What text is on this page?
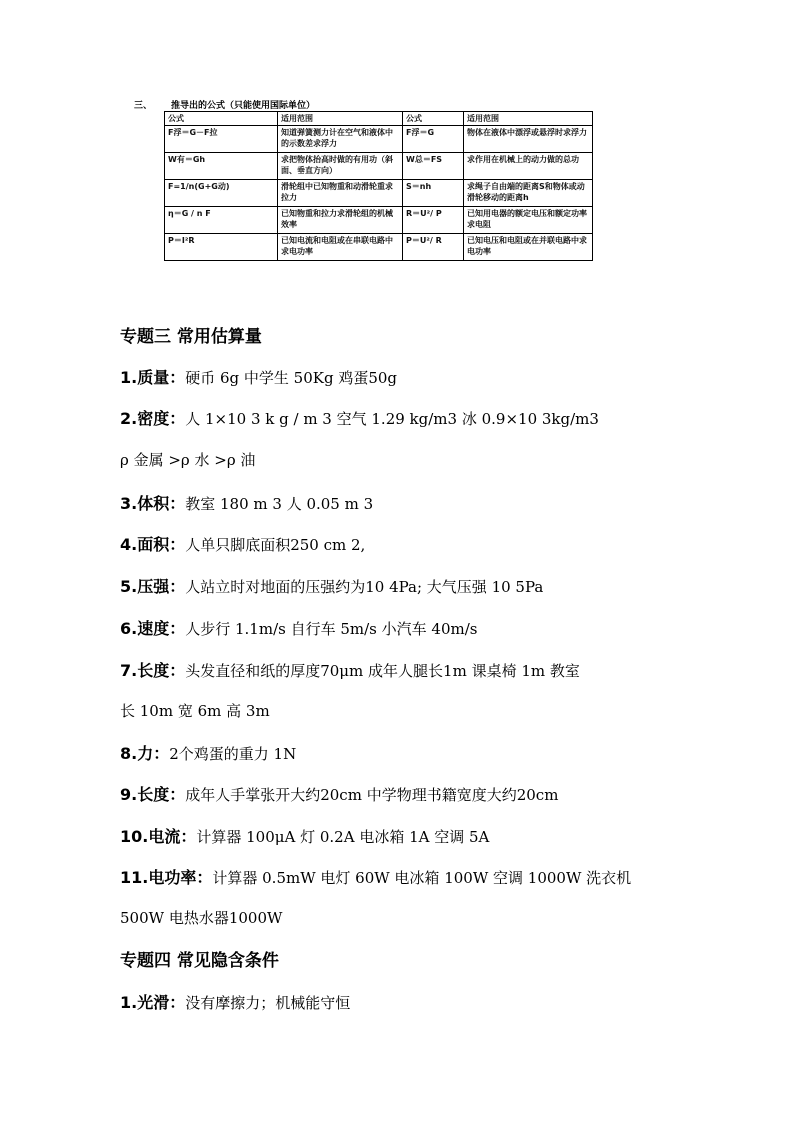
三、 推导出的公式（只能使用国际单位）
公式	适用范围	公式	适用范围
F浮＝G－F拉	知道弹簧测力计在空气和液体中的示数差求浮力	F浮＝G	物体在液体中漂浮或悬浮时求浮力
W有＝Gh	求把物体抬高时做的有用功（斜面、垂直方向）	W总＝FS	求作用在机械上的动力做的总功
F=1/n(G+G动)	滑轮组中已知物重和动滑轮重求拉力	S＝nh	求绳子自由端的距离S和物体或动滑轮移动的距离h
η＝G / n F	已知物重和拉力求滑轮组的机械效率	R＝U²/ P	已知用电器的额定电压和额定功率求电阻
P＝I²R	已知电流和电阻或在串联电路中求电功率	P＝U²/ R	已知电压和电阻或在并联电路中求电功率
专题三 常用估算量
1.质量：硬币 6g 中学生 50Kg 鸡蛋50g
2.密度：人 1×10 3 k g / m 3 空气 1.29 kg/m3 冰 0.9×10 3kg/m3
ρ 金属 >ρ 水 >ρ 油
3.体积：教室 180 m 3 人 0.05 m 3
4.面积：人单只脚底面积250 cm 2,
5.压强：人站立时对地面的压强约为10 4Pa; 大气压强 10 5Pa
6.速度：人步行 1.1m/s 自行车 5m/s 小汽车 40m/s
7.长度：头发直径和纸的厚度70μm 成年人腿长1m 课桌椅 1m 教室
长 10m 宽 6m 高 3m
8.力：2个鸡蛋的重力 1N
9.长度：成年人手掌张开大约20cm 中学物理书籍宽度大约20cm
10.电流：计算器 100μA 灯 0.2A 电冰箱 1A 空调 5A
11.电功率：计算器 0.5mW 电灯 60W 电冰箱 100W 空调 1000W 洗衣机
500W 电热水器1000W
专题四 常见隐含条件
1.光滑：没有摩擦力；机械能守恒
